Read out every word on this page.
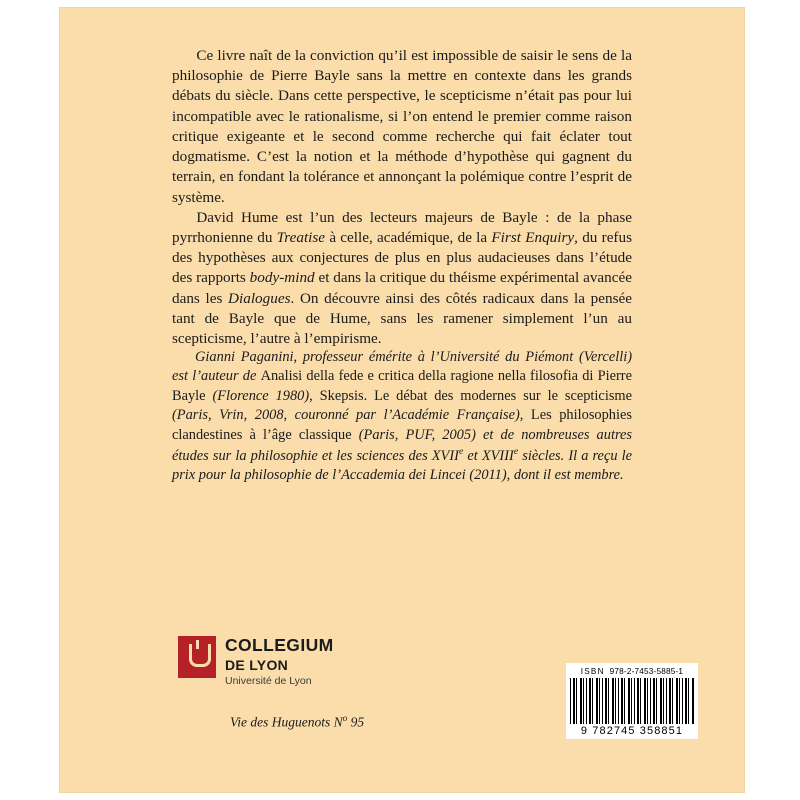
Ce livre naît de la conviction qu’il est impossible de saisir le sens de la philosophie de Pierre Bayle sans la mettre en contexte dans les grands débats du siècle. Dans cette perspective, le scepticisme n’était pas pour lui incompatible avec le rationalisme, si l’on entend le premier comme raison critique exigeante et le second comme recherche qui fait éclater tout dogmatisme. C’est la notion et la méthode d’hypothèse qui gagnent du terrain, en fondant la tolérance et annonçant la polémique contre l’esprit de système.

David Hume est l’un des lecteurs majeurs de Bayle : de la phase pyrrhonienne du Treatise à celle, académique, de la First Enquiry, du refus des hypothèses aux conjectures de plus en plus audacieuses dans l’étude des rapports body-mind et dans la critique du théisme expérimental avancée dans les Dialogues. On découvre ainsi des côtés radicaux dans la pensée tant de Bayle que de Hume, sans les ramener simplement l’un au scepticisme, l’autre à l’empirisme.

Gianni Paganini, professeur émérite à l’Université du Piémont (Vercelli) est l’auteur de Analisi della fede e critica della ragione nella filosofia di Pierre Bayle (Florence 1980), Skepsis. Le débat des modernes sur le scepticisme (Paris, Vrin, 2008, couronné par l’Académie Française), Les philosophies clandestines à l’âge classique (Paris, PUF, 2005) et de nombreuses autres études sur la philosophie et les sciences des XVIIe et XVIIIe siècles. Il a reçu le prix pour la philosophie de l’Accademia dei Lincei (2011), dont il est membre.

COLLEGIUM
DE LYON
Université de Lyon
Vie des Huguenots $N^o$ 95
ISBN 978-2-7453-5885-1
9 782745 358851
